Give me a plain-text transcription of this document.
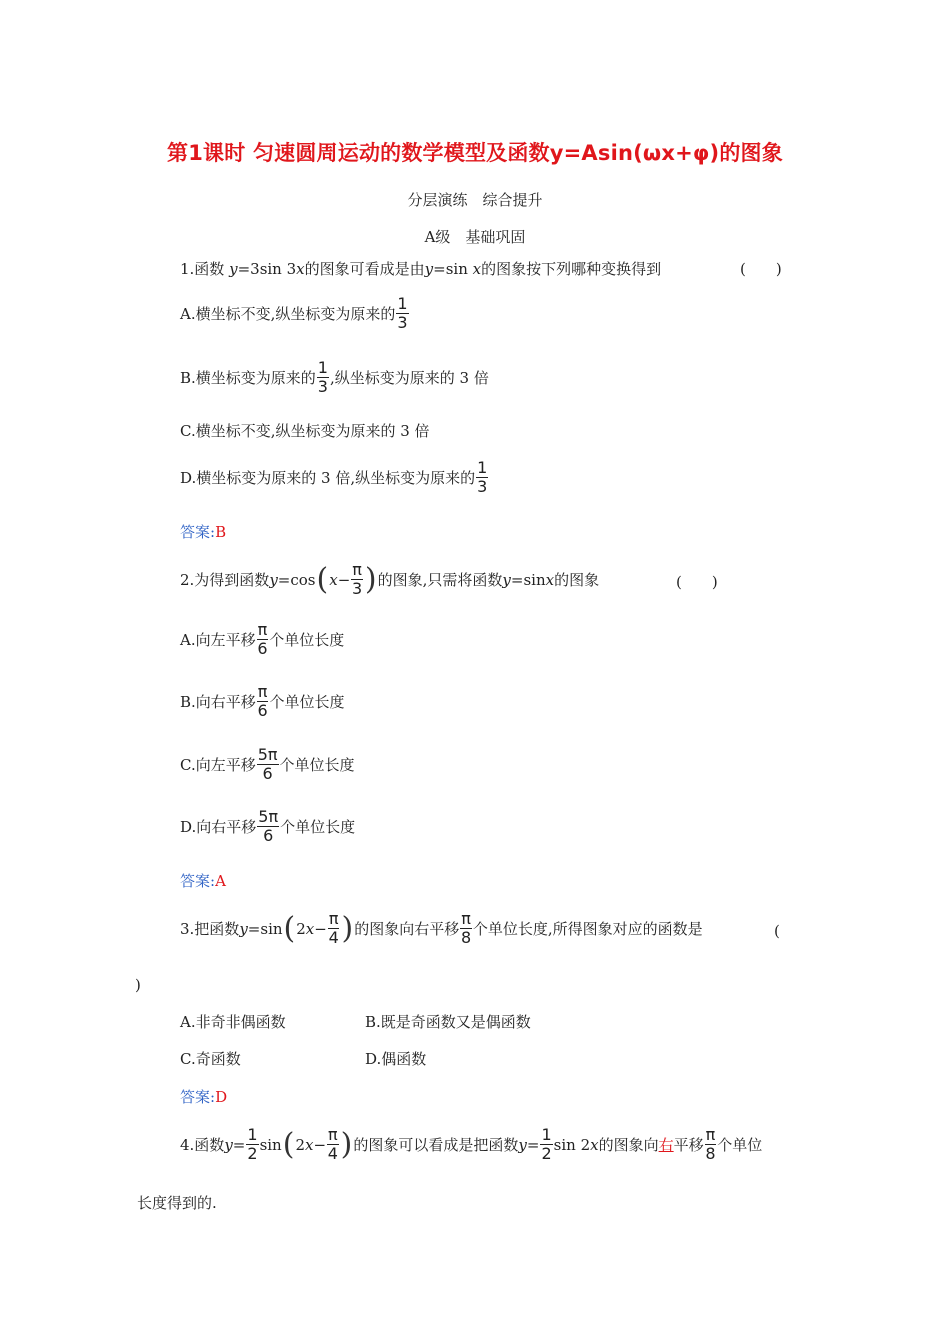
第1课时 匀速圆周运动的数学模型及函数y=Asin(ωx+φ)的图象
分层演练　综合提升
A级　基础巩固
1.函数 y=3sin 3x的图象可看成是由y=sin x的图象按下列哪种变换得到	(　　)
A.横坐标不变,纵坐标变为原来的 $\frac{1}{3}$
B.横坐标变为原来的 $\frac{1}{3}$ ,纵坐标变为原来的 3 倍
C.横坐标不变,纵坐标变为原来的 3 倍
D.横坐标变为原来的 3 倍,纵坐标变为原来的 $\frac{1}{3}$
答案:B
2.为得到函数 y =cos ( $x - \frac{\pi}{3}$ ) 的图象,只需将函数 y =sin x 的图象	(　　)
A.向左平移 $\frac{\pi}{6}$ 个单位长度
B.向右平移 $\frac{\pi}{6}$ 个单位长度
C.向左平移 $\frac{5\pi}{6}$ 个单位长度
D.向右平移 $\frac{5\pi}{6}$ 个单位长度
答案:A
3.把函数 y =sin ( 2 $x - \frac{\pi}{4}$ ) 的图象向右平移 $\frac{\pi}{8}$ 个单位长度,所得图象对应的函数是	(
)
A.非奇非偶函数	B.既是奇函数又是偶函数
C.奇函数	D.偶函数
答案:D
4.函数 $y = \frac{1}{2}$ sin ( 2 $x - \frac{\pi}{4}$ ) 的图象可以看成是把函数 $y = \frac{1}{2}$ sin 2 x 的图象向 右 平移 $\frac{\pi}{8}$ 个单位
长度得到的.
